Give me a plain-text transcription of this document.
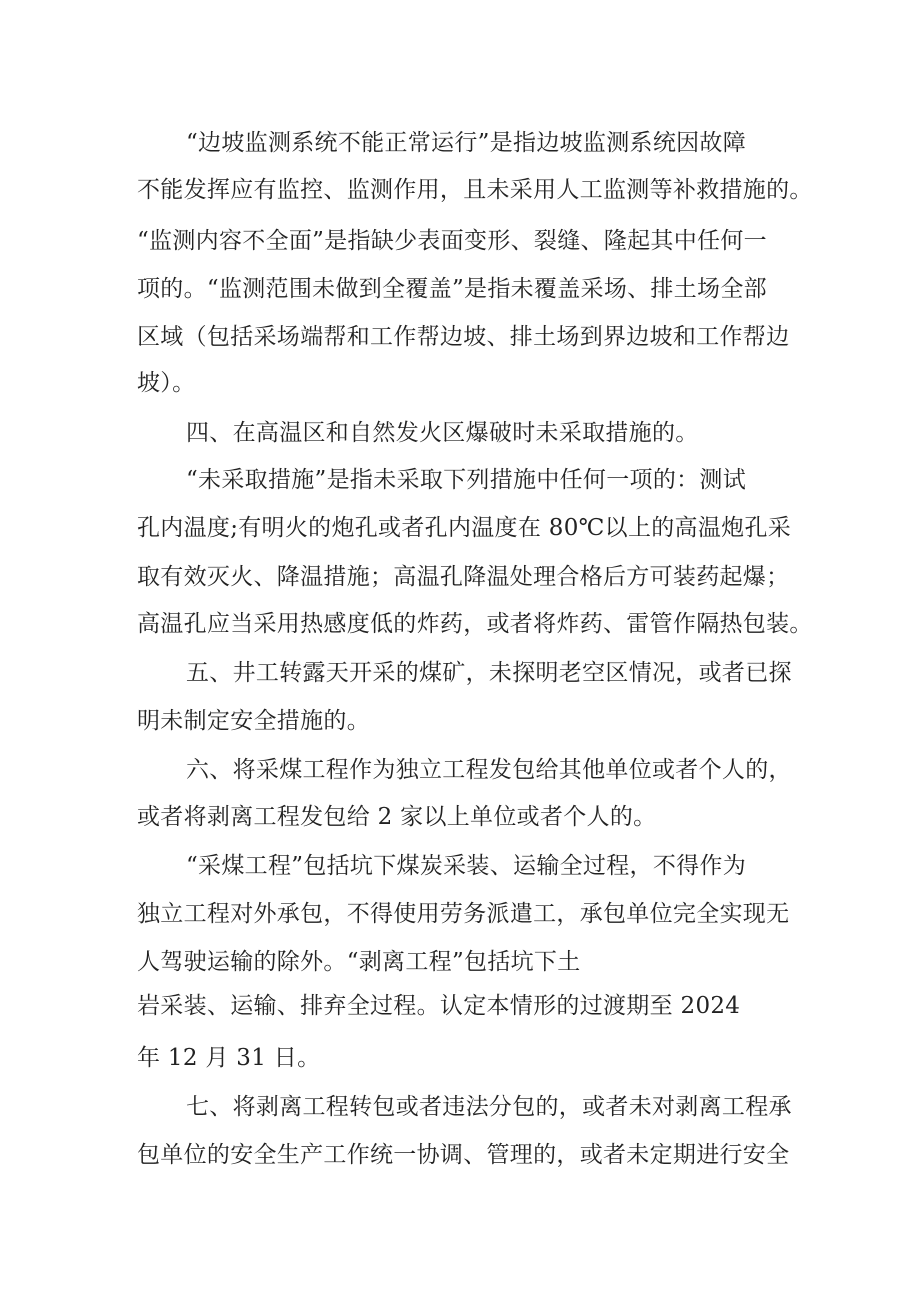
“边坡监测系统不能正常运行”是指边坡监测系统因故障
不能发挥应有监控、监测作用，且未采用人工监测等补救措施的。
“监测内容不全面”是指缺少表面变形、裂缝、隆起其中任何一
项的。“监测范围未做到全覆盖”是指未覆盖采场、排土场全部
区域（包括采场端帮和工作帮边坡、排土场到界边坡和工作帮边
坡）。
四、在高温区和自然发火区爆破时未采取措施的。
“未采取措施”是指未采取下列措施中任何一项的：测试
孔内温度;有明火的炮孔或者孔内温度在 80℃以上的高温炮孔采
取有效灭火、降温措施；高温孔降温处理合格后方可装药起爆；
高温孔应当采用热感度低的炸药，或者将炸药、雷管作隔热包装。
五、井工转露天开采的煤矿，未探明老空区情况，或者已探
明未制定安全措施的。
六、将采煤工程作为独立工程发包给其他单位或者个人的，
或者将剥离工程发包给 2 家以上单位或者个人的。
“采煤工程”包括坑下煤炭采装、运输全过程，不得作为
独立工程对外承包，不得使用劳务派遣工，承包单位完全实现无
人驾驶运输的除外。“剥离工程”包括坑下土
岩采装、运输、排弃全过程。认定本情形的过渡期至 2024
年 12 月 31 日。
七、将剥离工程转包或者违法分包的，或者未对剥离工程承
包单位的安全生产工作统一协调、管理的，或者未定期进行安全
